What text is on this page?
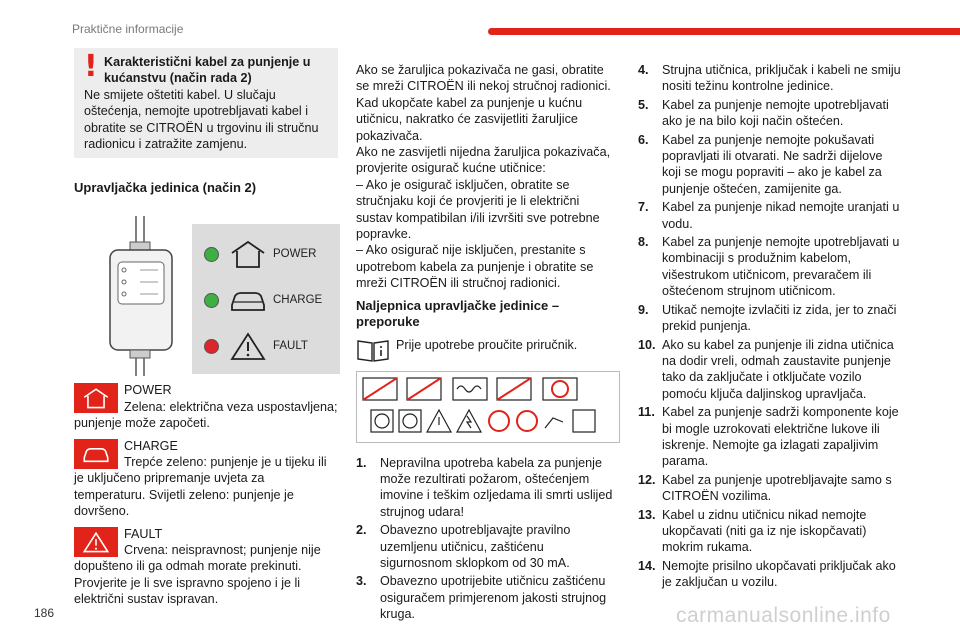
Praktične informacije
! Karakteristični kabel za punjenje u kućanstvu (način rada 2)
Ne smijete oštetiti kabel. U slučaju oštećenja, nemojte upotrebljavati kabel i obratite se CITROËN u trgovinu ili stručnu radionicu i zatražite zamjenu.
Upravljačka jedinica (način 2)
POWER
CHARGE
FAULT
POWER
Zelena: električna veza uspostavljena; punjenje može započeti.
CHARGE
Trepće zeleno: punjenje je u tijeku ili je uključeno pripremanje uvjeta za temperaturu. Svijetli zeleno: punjenje je dovršeno.
FAULT
Crvena: neispravnost; punjenje nije dopušteno ili ga odmah morate prekinuti. Provjerite je li sve ispravno spojeno i je li električni sustav ispravan.

Ako se žaruljica pokazivača ne gasi, obratite se mreži CITROËN ili nekoj stručnoj radionici.

Kad ukopčate kabel za punjenje u kućnu utičnicu, nakratko će zasvijetliti žaruljice pokazivača.

Ako ne zasvijetli nijedna žaruljica pokazivača, provjerite osigurač kućne utičnice:

– Ako je osigurač isključen, obratite se stručnjaku koji će provjeriti je li električni sustav kompatibilan i/ili izvršiti sve potrebne popravke.

– Ako osigurač nije isključen, prestanite s upotrebom kabela za punjenje i obratite se mreži CITROËN ili stručnoj radionici.

Naljepnica upravljačke jedinice – preporuke
Prije upotrebe proučite priručnik.
1. Nepravilna upotreba kabela za punjenje može rezultirati požarom, oštećenjem imovine i teškim ozljedama ili smrti uslijed strujnog udara!
2. Obavezno upotrebljavajte pravilno uzemljenu utičnicu, zaštićenu sigurnosnom sklopkom od 30 mA.
3. Obavezno upotrijebite utičnicu zaštićenu osiguračem primjerenom jakosti strujnog kruga.
4. Strujna utičnica, priključak i kabeli ne smiju nositi težinu kontrolne jedinice.
5. Kabel za punjenje nemojte upotrebljavati ako je na bilo koji način oštećen.
6. Kabel za punjenje nemojte pokušavati popravljati ili otvarati. Ne sadrži dijelove koji se mogu popraviti – ako je kabel za punjenje oštećen, zamijenite ga.
7. Kabel za punjenje nikad nemojte uranjati u vodu.
8. Kabel za punjenje nemojte upotrebljavati u kombinaciji s produžnim kabelom, višestrukom utičnicom, prevaračem ili oštećenom strujnom utičnicom.
9. Utikač nemojte izvlačiti iz zida, jer to znači prekid punjenja.
10. Ako su kabel za punjenje ili zidna utičnica na dodir vreli, odmah zaustavite punjenje tako da zaključate i otključate vozilo pomoću ključa daljinskog upravljača.
11. Kabel za punjenje sadrži komponente koje bi mogle uzrokovati električne lukove ili iskrenje. Nemojte ga izlagati zapaljivim parama.
12. Kabel za punjenje upotrebljavajte samo s CITROËN vozilima.
13. Kabel u zidnu utičnicu nikad nemojte ukopčavati (niti ga iz nje iskopčavati) mokrim rukama.
14. Nemojte prisilno ukopčavati priključak ako je zaključan u vozilu.
186	carmanualsonline.info
